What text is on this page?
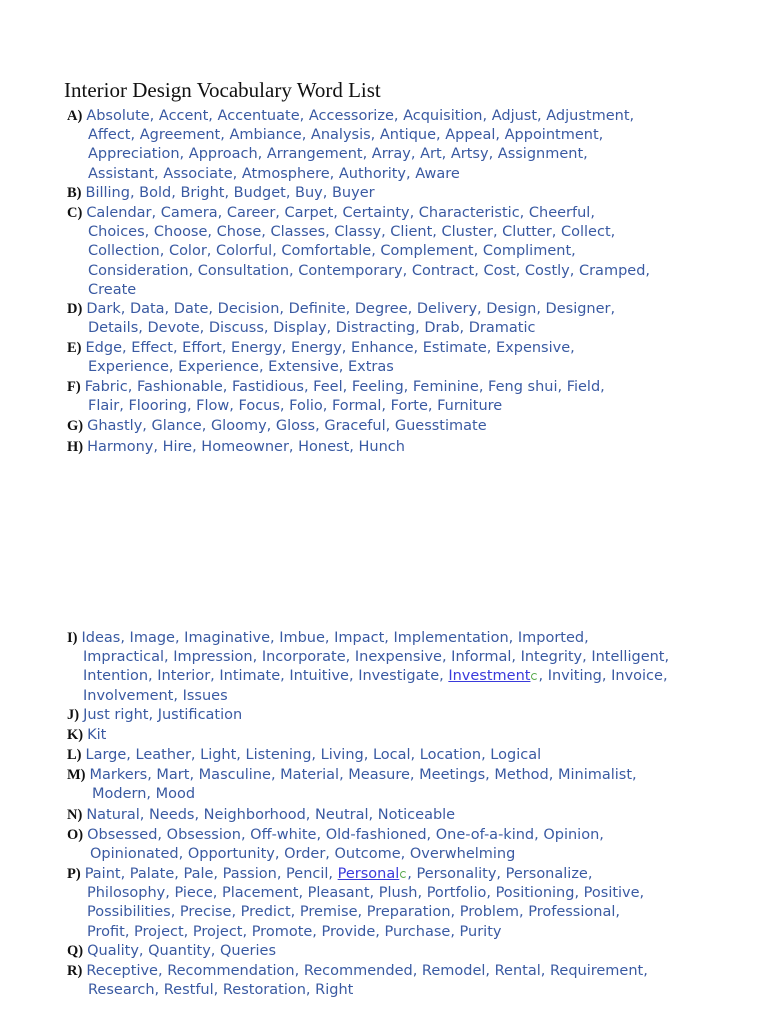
Interior Design Vocabulary Word List
A) Absolute, Accent, Accentuate, Accessorize, Acquisition, Adjust, Adjustment,
Affect, Agreement, Ambiance, Analysis, Antique, Appeal, Appointment,
Appreciation, Approach, Arrangement, Array, Art, Artsy, Assignment,
Assistant, Associate, Atmosphere, Authority, Aware
B) Billing, Bold, Bright, Budget, Buy, Buyer
C) Calendar, Camera, Career, Carpet, Certainty, Characteristic, Cheerful,
Choices, Choose, Chose, Classes, Classy, Client, Cluster, Clutter, Collect,
Collection, Color, Colorful, Comfortable, Complement, Compliment,
Consideration, Consultation, Contemporary, Contract, Cost, Costly, Cramped,
Create
D) Dark, Data, Date, Decision, Definite, Degree, Delivery, Design, Designer,
Details, Devote, Discuss, Display, Distracting, Drab, Dramatic
E) Edge, Effect, Effort, Energy, Energy, Enhance, Estimate, Expensive,
Experience, Experience, Extensive, Extras
F) Fabric, Fashionable, Fastidious, Feel, Feeling, Feminine, Feng shui, Field,
Flair, Flooring, Flow, Focus, Folio, Formal, Forte, Furniture
G) Ghastly, Glance, Gloomy, Gloss, Graceful, Guesstimate
H) Harmony, Hire, Homeowner, Honest, Hunch
I) Ideas, Image, Imaginative, Imbue, Impact, Implementation, Imported,
Impractical, Impression, Incorporate, Inexpensive, Informal, Integrity, Intelligent,
Intention, Interior, Intimate, Intuitive, Investigate, Investment , Inviting, Invoice,
Involvement, Issues
J) Just right, Justification
K) Kit
L) Large, Leather, Light, Listening, Living, Local, Location, Logical
M) Markers, Mart, Masculine, Material, Measure, Meetings, Method, Minimalist,
Modern, Mood
N) Natural, Needs, Neighborhood, Neutral, Noticeable
O) Obsessed, Obsession, Off-white, Old-fashioned, One-of-a-kind, Opinion,
Opinionated, Opportunity, Order, Outcome, Overwhelming
P) Paint, Palate, Pale, Passion, Pencil, Personal , Personality, Personalize,
Philosophy, Piece, Placement, Pleasant, Plush, Portfolio, Positioning, Positive,
Possibilities, Precise, Predict, Premise, Preparation, Problem, Professional,
Profit, Project, Project, Promote, Provide, Purchase, Purity
Q) Quality, Quantity, Queries
R) Receptive, Recommendation, Recommended, Remodel, Rental, Requirement,
Research, Restful, Restoration, Right
